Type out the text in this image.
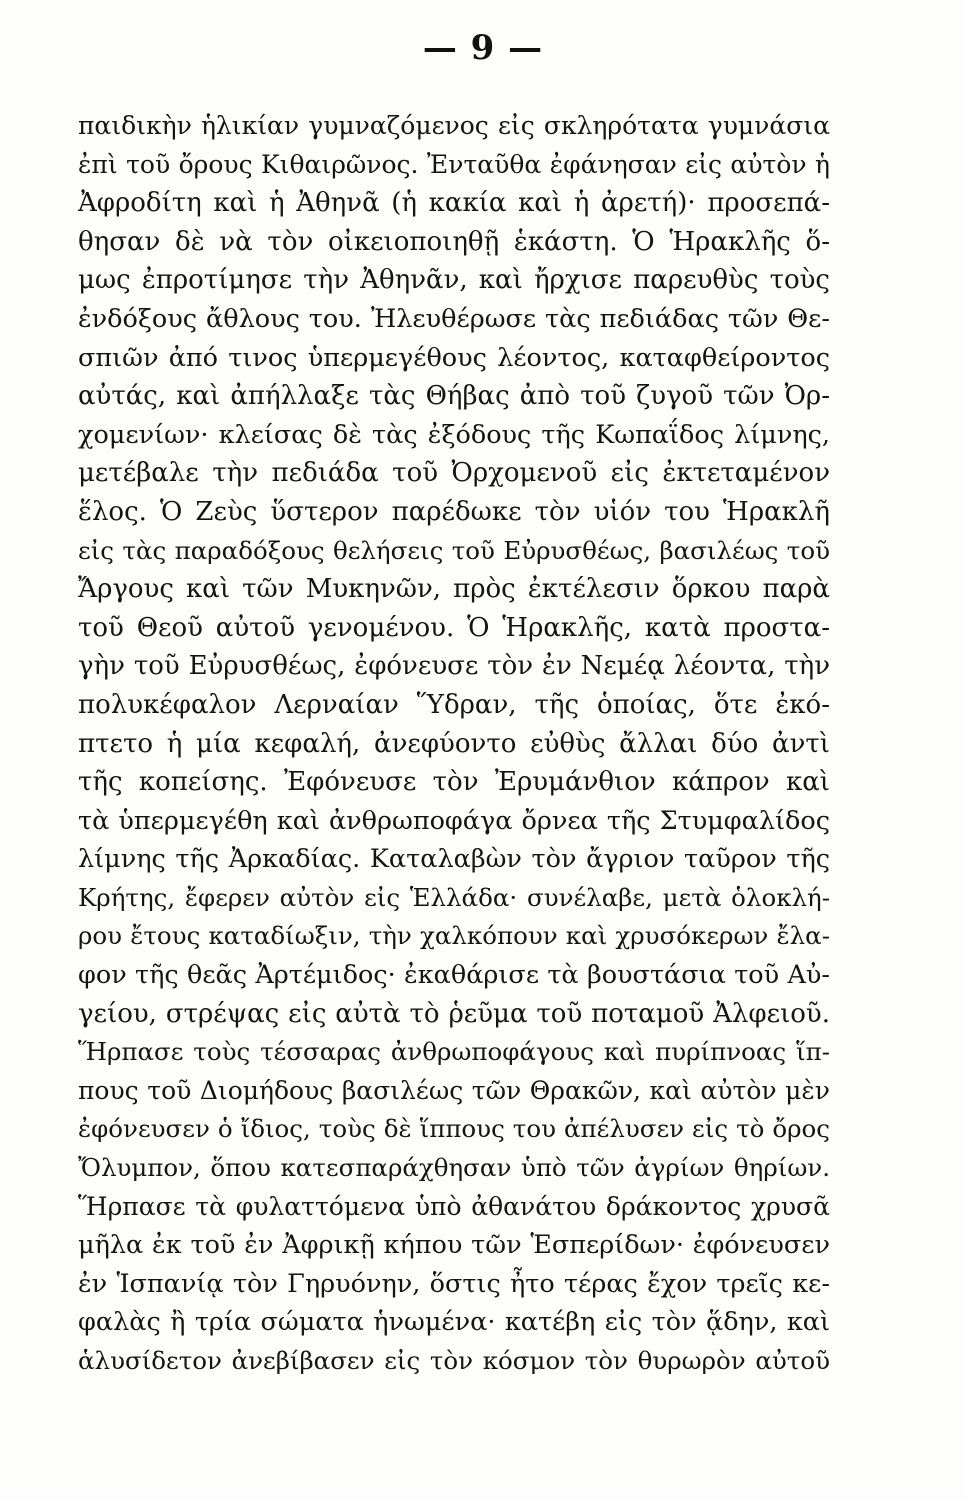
— 9 —
παιδικὴν ἡλικίαν γυμναζόμενος εἰς σκληρότατα γυμνάσια
ἐπὶ τοῦ ὄρους Κιθαιρῶνος. Ἐνταῦθα ἐφάνησαν εἰς αὐτὸν ἡ
Ἀφροδίτη καὶ ἡ Ἀθηνᾶ (ἡ κακία καὶ ἡ ἀρετή)· προσεπά-
θησαν δὲ νὰ τὸν οἰκειοποιηθῇ ἑκάστη. Ὁ Ἡρακλῆς ὅ-
μως ἐπροτίμησε τὴν Ἀθηνᾶν, καὶ ἤρχισε παρευθὺς τοὺς
ἐνδόξους ἄθλους του. Ἠλευθέρωσε τὰς πεδιάδας τῶν Θε-
σπιῶν ἀπό τινος ὑπερμεγέθους λέοντος, καταφθείροντος
αὐτάς, καὶ ἀπήλλαξε τὰς Θήβας ἀπὸ τοῦ ζυγοῦ τῶν Ὀρ-
χομενίων· κλείσας δὲ τὰς ἐξόδους τῆς Κωπαΐδος λίμνης,
μετέβαλε τὴν πεδιάδα τοῦ Ὀρχομενοῦ εἰς ἐκτεταμένον
ἕλος. Ὁ Ζεὺς ὕστερον παρέδωκε τὸν υἱόν του Ἡρακλῆ
εἰς τὰς παραδόξους θελήσεις τοῦ Εὐρυσθέως, βασιλέως τοῦ
Ἄργους καὶ τῶν Μυκηνῶν, πρὸς ἐκτέλεσιν ὅρκου παρὰ
τοῦ Θεοῦ αὐτοῦ γενομένου. Ὁ Ἡρακλῆς, κατὰ προστα-
γὴν τοῦ Εὐρυσθέως, ἐφόνευσε τὸν ἐν Νεμέᾳ λέοντα, τὴν
πολυκέφαλον Λερναίαν Ὕδραν, τῆς ὁποίας, ὅτε ἐκό-
πτετο ἡ μία κεφαλή, ἀνεφύοντο εὐθὺς ἄλλαι δύο ἀντὶ
τῆς κοπείσης. Ἐφόνευσε τὸν Ἐρυμάνθιον κάπρον καὶ
τὰ ὑπερμεγέθη καὶ ἀνθρωποφάγα ὄρνεα τῆς Στυμφαλίδος
λίμνης τῆς Ἀρκαδίας. Καταλαβὼν τὸν ἄγριον ταῦρον τῆς
Κρήτης, ἔφερεν αὐτὸν εἰς Ἑλλάδα· συνέλαβε, μετὰ ὁλοκλή-
ρου ἔτους καταδίωξιν, τὴν χαλκόπουν καὶ χρυσόκερων ἔλα-
φον τῆς θεᾶς Ἀρτέμιδος· ἐκαθάρισε τὰ βουστάσια τοῦ Αὐ-
γείου, στρέψας εἰς αὐτὰ τὸ ῥεῦμα τοῦ ποταμοῦ Ἀλφειοῦ.
Ἥρπασε τοὺς τέσσαρας ἀνθρωποφάγους καὶ πυρίπνοας ἵπ-
πους τοῦ Διομήδους βασιλέως τῶν Θρακῶν, καὶ αὐτὸν μὲν
ἐφόνευσεν ὁ ἴδιος, τοὺς δὲ ἵππους του ἀπέλυσεν εἰς τὸ ὄρος
Ὄλυμπον, ὅπου κατεσπαράχθησαν ὑπὸ τῶν ἀγρίων θηρίων.
Ἥρπασε τὰ φυλαττόμενα ὑπὸ ἀθανάτου δράκοντος χρυσᾶ
μῆλα ἐκ τοῦ ἐν Ἀφρικῇ κήπου τῶν Ἑσπερίδων· ἐφόνευσεν
ἐν Ἱσπανίᾳ τὸν Γηρυόνην, ὅστις ἦτο τέρας ἔχον τρεῖς κε-
φαλὰς ἢ τρία σώματα ἡνωμένα· κατέβη εἰς τὸν ᾅδην, καὶ
ἁλυσίδετον ἀνεβίβασεν εἰς τὸν κόσμον τὸν θυρωρὸν αὐτοῦ
